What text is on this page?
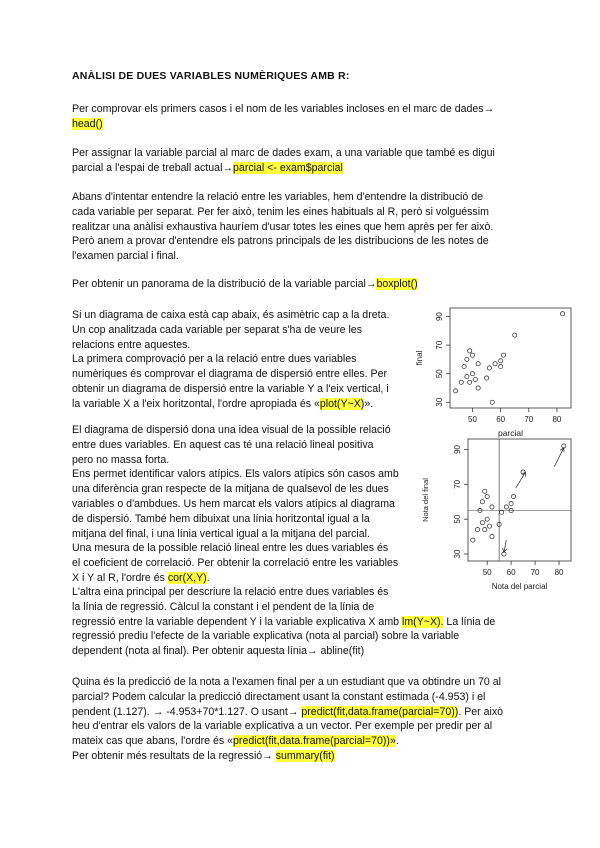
ANÀLISI DE DUES VARIABLES NUMÈRIQUES AMB R:
Per comprovar els primers casos i el nom de les variables incloses en el marc de dades→
head()
Per assignar la variable parcial al marc de dades exam, a una variable que també es digui
parcial a l'espai de treball actual→parcial <- exam$parcial
Abans d'intentar entendre la relació entre les variables, hem d'entendre la distribució de
cada variable per separat. Per fer això, tenim les eines habituals al R, però si volguéssim
realitzar una anàlisi exhaustiva hauríem d'usar totes les eines que hem après per fer això.
Però anem a provar d'entendre els patrons principals de les distribucions de les notes de
l'examen parcial i final.
Per obtenir un panorama de la distribució de la variable parcial→boxplot()
Si un diagrama de caixa està cap abaix, és asimètric cap a la dreta.
Un cop analitzada cada variable per separat s'ha de veure les
relacions entre aquestes.
La primera comprovació per a la relació entre dues variables
numèriques és comprovar el diagrama de dispersió entre elles. Per
obtenir un diagrama de dispersió entre la variable Y a l'eix vertical, i
la variable X a l'eix horitzontal, l'ordre apropiada és «plot(Y~X)».
El diagrama de dispersió dona una idea visual de la possible relació
entre dues variables. En aquest cas té una relació lineal positiva
pero no massa forta.
Ens permet identificar valors atípics. Els valors atípics són casos amb
una diferència gran respecte de la mitjana de qualsevol de les dues
variables o d'ambdues. Us hem marcat els valors atípics al diagrama
de dispersió. També hem dibuixat una línia horitzontal igual a la
mitjana del final, i una línia vertical igual a la mitjana del parcial.
Una mesura de la possible relació lineal entre les dues variables és
el coeficient de correlació. Per obtenir la correlació entre les variables
X i Y al R, l'ordre és cor(X,Y).
L'altra eina principal per descriure la relació entre dues variables és
la línia de regressió. Càlcul la constant i el pendent de la línia de
regressió entre la variable dependent Y i la variable explicativa X amb lm(Y~X). La línia de
regressió prediu l'efecte de la variable explicativa (nota al parcial) sobre la variable
dependent (nota al final). Per obtenir aquesta línia→ abline(fit)
Quina és la predicció de la nota a l'examen final per a un estudiant que va obtindre un 70 al
parcial? Podem calcular la predicció directament usant la constant estimada (-4.953) i el
pendent (1.127). → -4.953+70*1.127. O usant→ predict(fit,data.frame(parcial=70)). Per això
heu d'entrar els valors de la variable explicativa a un vector. Per exemple per predir per al
mateix cas que abans, l'ordre és «predict(fit,data.frame(parcial=70))».
Per obtenir més resultats de la regressió→ summary(fit)
50 60 70 80
30
50
70
90
parcial
final
50 60 70 80
30
50
70
90
Nota del parcial
Nota del final
